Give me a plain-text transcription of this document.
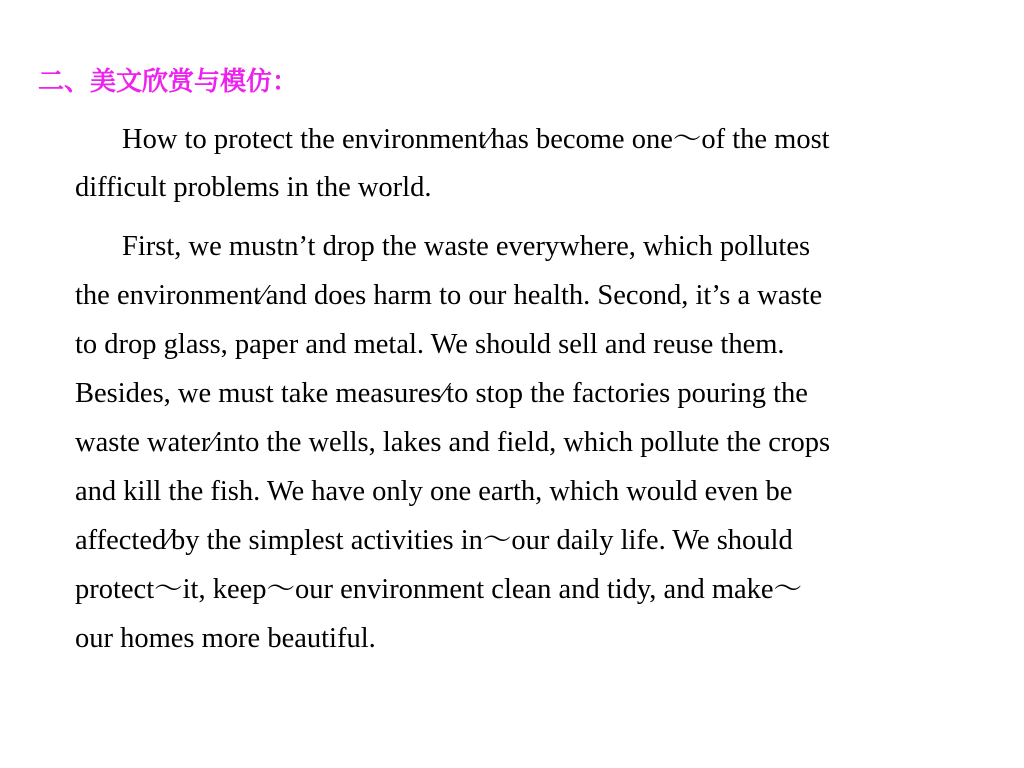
二、美文欣赏与模仿：
How to protect the environment⁄has become one～of the most
difficult problems in the world.
First, we mustn’t drop the waste everywhere, which pollutes
the environment⁄and does harm to our health. Second, it’s a waste
to drop glass, paper and metal. We should sell and reuse them.
Besides, we must take measures⁄to stop the factories pouring the
waste water⁄into the wells, lakes and field, which pollute the crops
and kill the fish. We have only one earth, which would even be
affected⁄by the simplest activities in～our daily life. We should
protect～it, keep～our environment clean and tidy, and make～
our homes more beautiful.
